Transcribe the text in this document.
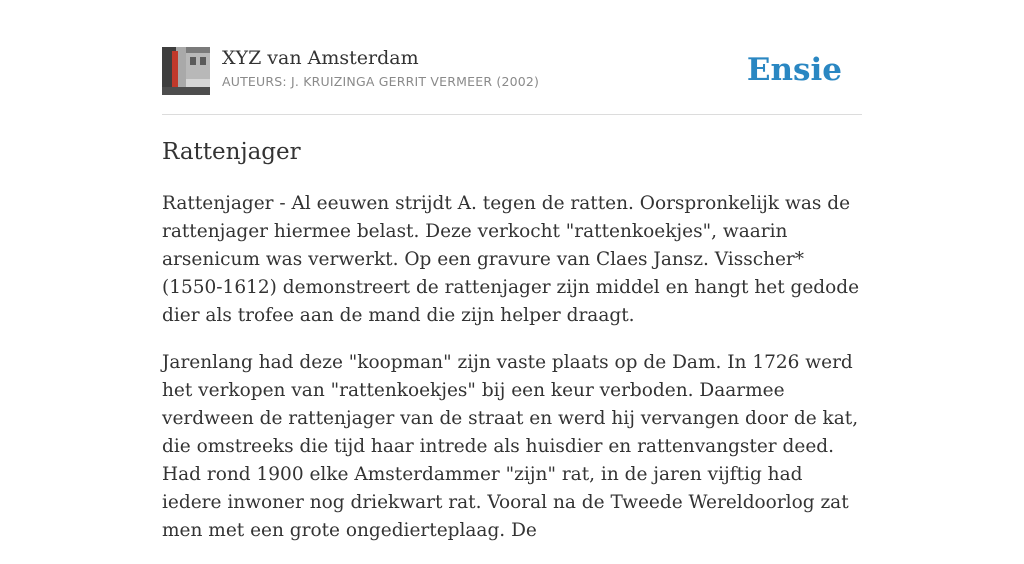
XYZ van Amsterdam
AUTEURS: J. KRUIZINGA GERRIT VERMEER (2002)	Ensie
Rattenjager

Rattenjager - Al eeuwen strijdt A. tegen de ratten. Oorspronkelijk was de rattenjager hiermee belast. Deze verkocht "rattenkoekjes", waarin arsenicum was verwerkt. Op een gravure van Claes Jansz. Visscher* (1550-1612) demonstreert de rattenjager zijn middel en hangt het gedode dier als trofee aan de mand die zijn helper draagt.

Jarenlang had deze "koopman" zijn vaste plaats op de Dam. In 1726 werd het verkopen van "rattenkoekjes" bij een keur verboden. Daarmee verdween de rattenjager van de straat en werd hij vervangen door de kat, die omstreeks die tijd haar intrede als huisdier en rattenvangster deed. Had rond 1900 elke Amsterdammer "zijn" rat, in de jaren vijftig had iedere inwoner nog driekwart rat. Vooral na de Tweede Wereldoorlog zat men met een grote ongedierteplaag. De
